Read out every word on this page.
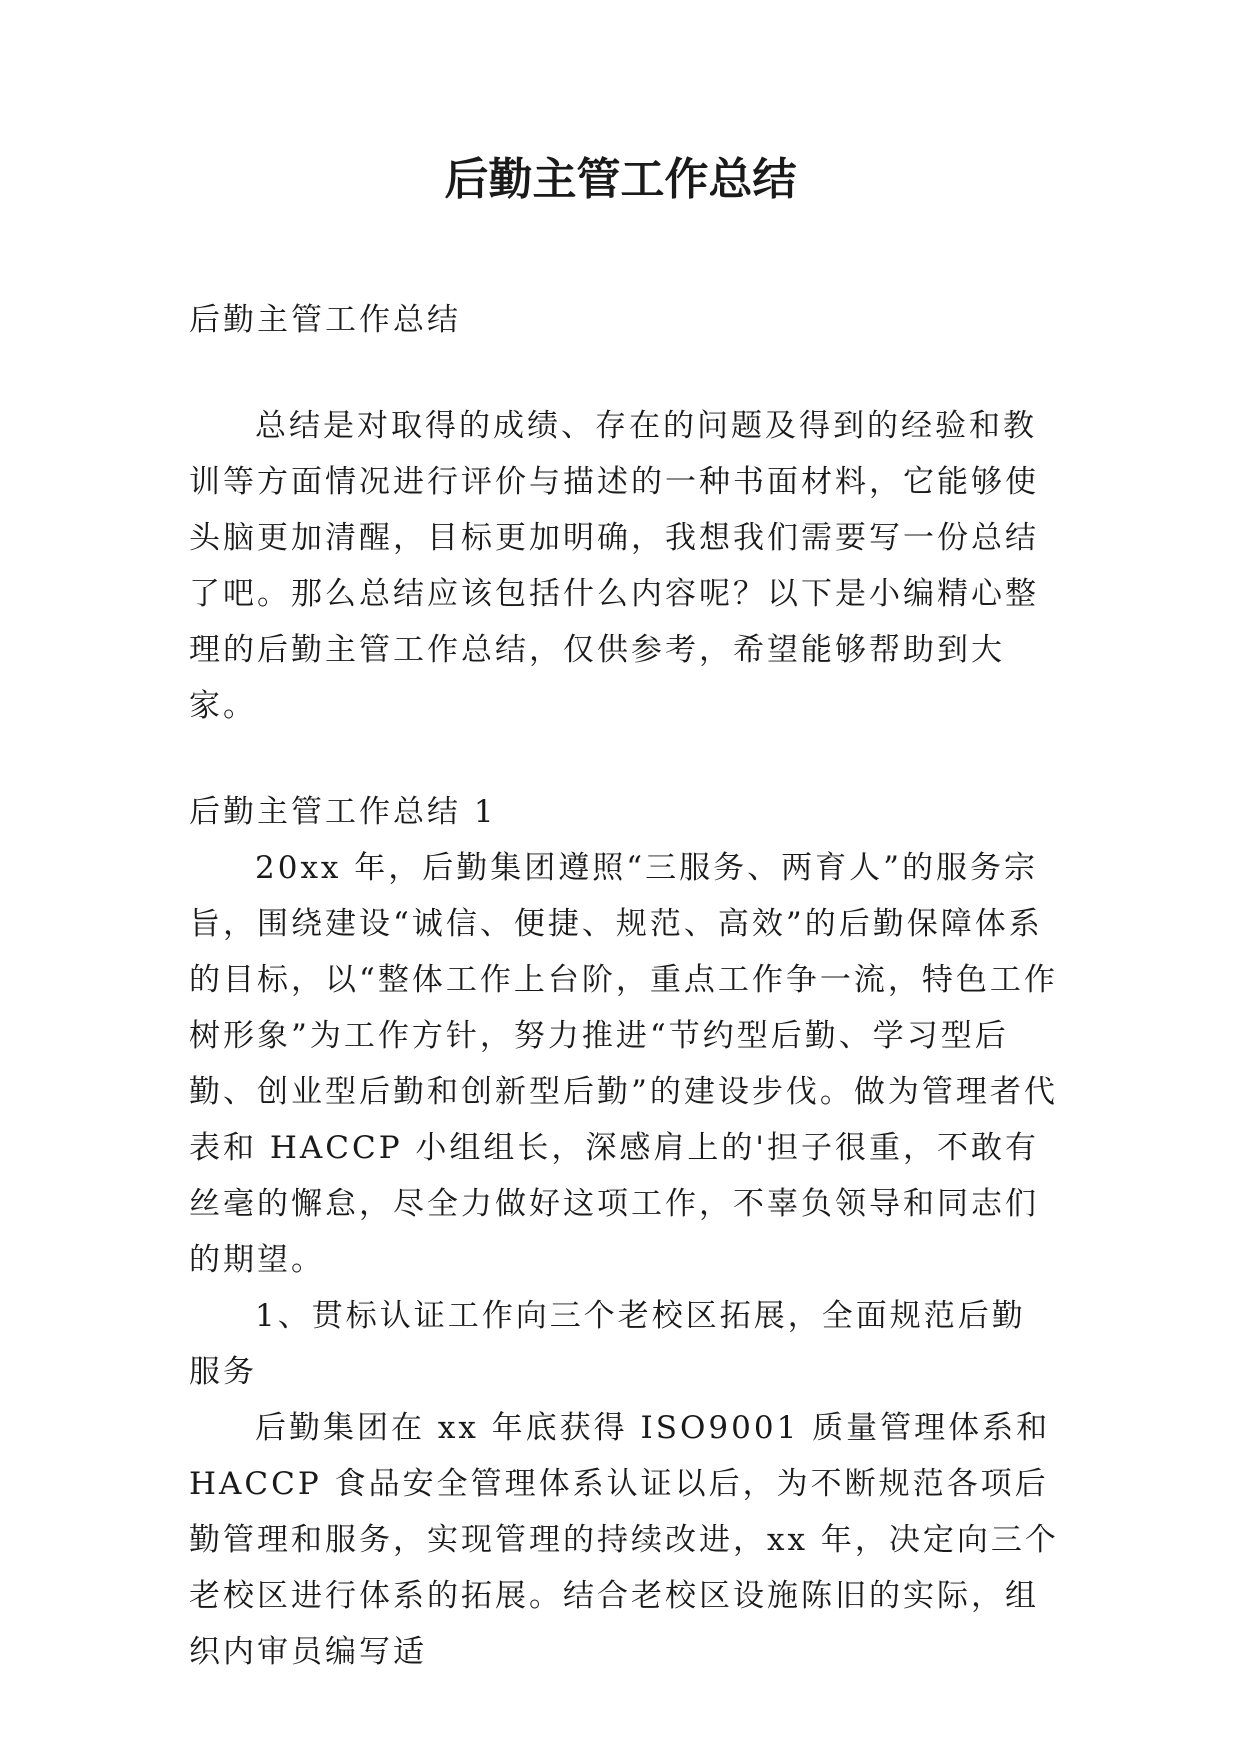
后勤主管工作总结

后勤主管工作总结

总结是对取得的成绩、存在的问题及得到的经验和教训等方面情况进行评价与描述的一种书面材料，它能够使头脑更加清醒，目标更加明确，我想我们需要写一份总结了吧。那么总结应该包括什么内容呢？以下是小编精心整理的后勤主管工作总结，仅供参考，希望能够帮助到大家。

后勤主管工作总结 1

20xx 年，后勤集团遵照“三服务、两育人”的服务宗旨，围绕建设“诚信、便捷、规范、高效”的后勤保障体系的目标，以“整体工作上台阶，重点工作争一流，特色工作树形象”为工作方针，努力推进“节约型后勤、学习型后勤、创业型后勤和创新型后勤”的建设步伐。做为管理者代表和 HACCP 小组组长，深感肩上的'担子很重，不敢有丝毫的懈怠，尽全力做好这项工作，不辜负领导和同志们的期望。

1、贯标认证工作向三个老校区拓展，全面规范后勤服务

后勤集团在 xx 年底获得 ISO9001 质量管理体系和 HACCP 食品安全管理体系认证以后，为不断规范各项后勤管理和服务，实现管理的持续改进，xx 年，决定向三个老校区进行体系的拓展。结合老校区设施陈旧的实际，组织内审员编写适
